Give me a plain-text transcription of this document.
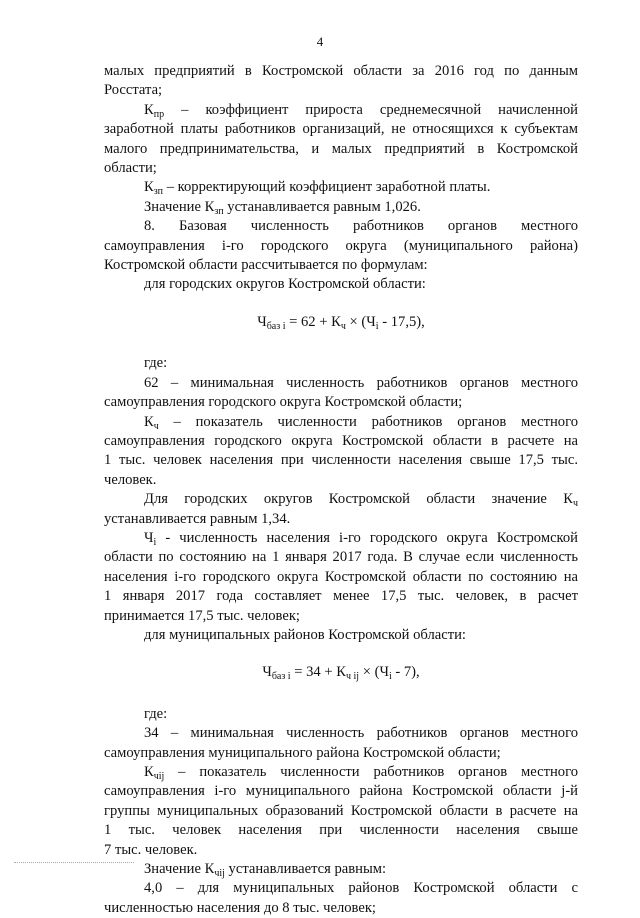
4

малых предприятий в Костромской области за 2016 год по данным

Росстата;

$К_{пр}$ – коэффициент прироста среднемесячной начисленной

заработной платы работников организаций, не относящихся к субъектам

малого предпринимательства, и малых предприятий в Костромской

области;

$К_{зп}$ – корректирующий коэффициент заработной платы.

Значение $К_{зп}$ устанавливается равным 1,026.

8. Базовая численность работников органов местного

самоуправления i-го городского округа (муниципального района)

Костромской области рассчитывается по формулам:

для городских округов Костромской области:

$Ч_{баз i} = 62 + К_ч \times (Ч_i - 17,5)$,

где:

62 – минимальная численность работников органов местного

самоуправления городского округа Костромской области;

$К_ч$ – показатель численности работников органов местного

самоуправления городского округа Костромской области в расчете на

1 тыс. человек населения при численности населения свыше 17,5 тыс.

человек.

Для городских округов Костромской области значение $К_ч$

устанавливается равным 1,34.

$Ч_i$ - численность населения i-го городского округа Костромской

области по состоянию на 1 января 2017 года. В случае если численность

населения i-го городского округа Костромской области по состоянию на

1 января 2017 года составляет менее 17,5 тыс. человек, в расчет

принимается 17,5 тыс. человек;

для муниципальных районов Костромской области:

$Ч_{баз i} = 34 + К_{ч ij} \times (Ч_i - 7)$,

где:

34 – минимальная численность работников органов местного

самоуправления муниципального района Костромской области;

$К_{чij}$ – показатель численности работников органов местного

самоуправления i-го муниципального района Костромской области j-й

группы муниципальных образований Костромской области в расчете на

1 тыс. человек населения при численности населения свыше

7 тыс. человек.

Значение $К_{чij}$ устанавливается равным:

4,0 – для муниципальных районов Костромской области с

численностью населения до 8 тыс. человек;
